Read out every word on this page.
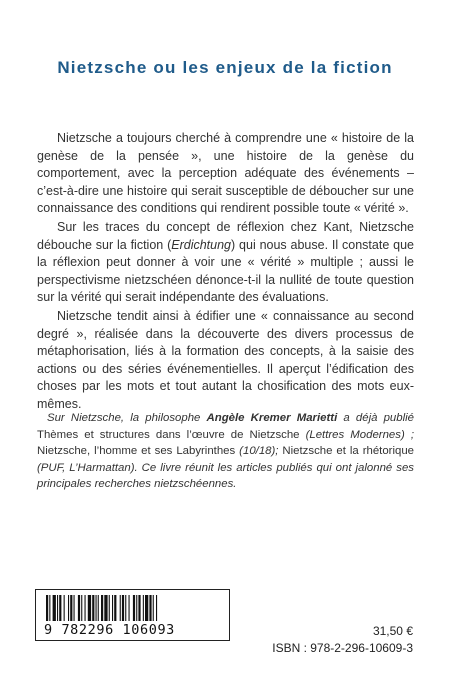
Nietzsche ou les enjeux de la fiction

Nietzsche a toujours cherché à comprendre une « histoire de la genèse de la pensée », une histoire de la genèse du comportement, avec la perception adéquate des événements – c’est-à-dire une histoire qui serait susceptible de déboucher sur une connaissance des conditions qui rendirent possible toute « vérité ».

Sur les traces du concept de réflexion chez Kant, Nietzsche débouche sur la fiction (Erdichtung) qui nous abuse. Il constate que la réflexion peut donner à voir une « vérité » multiple ; aussi le perspectivisme nietzschéen dénonce-t-il la nullité de toute question sur la vérité qui serait indépendante des évaluations.

Nietzsche tendit ainsi à édifier une « connaissance au second degré », réalisée dans la découverte des divers processus de métaphorisation, liés à la formation des concepts, à la saisie des actions ou des séries événementielles. Il aperçut l’édification des choses par les mots et tout autant la chosification des mots eux-mêmes.

Sur Nietzsche, la philosophe Angèle Kremer Marietti a déjà publié Thèmes et structures dans l’œuvre de Nietzsche (Lettres Modernes) ; Nietzsche, l’homme et ses Labyrinthes (10/18); Nietzsche et la rhétorique (PUF, L’Harmattan). Ce livre réunit les articles publiés qui ont jalonné ses principales recherches nietzschéennes.
9 782296 106093	31,50 €
ISBN : 978-2-296-10609-3
